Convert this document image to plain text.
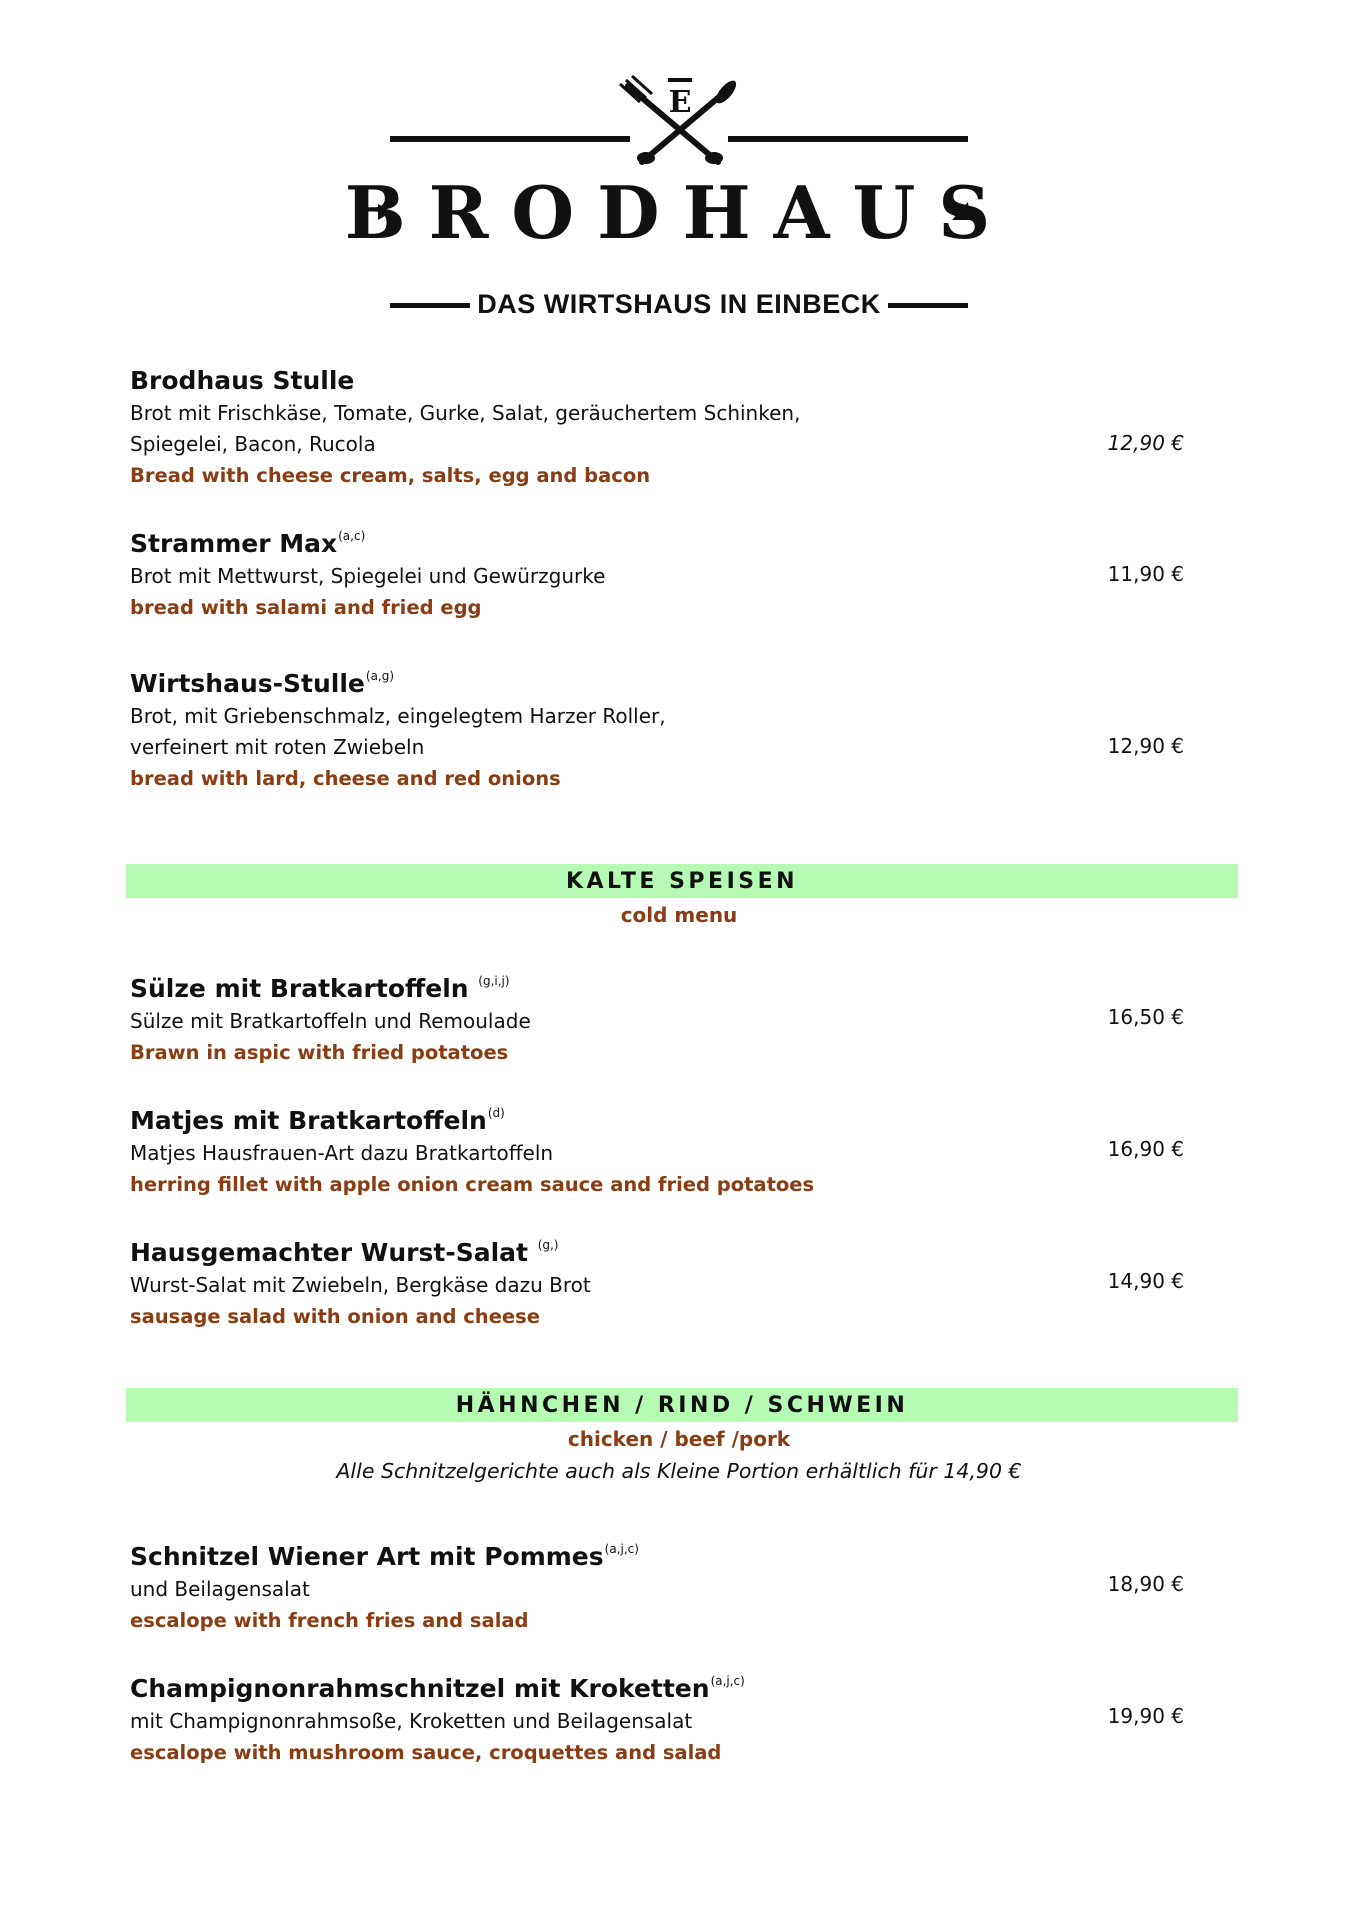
E
BRODHAUS
DAS WIRTSHAUS IN EINBECK
Brodhaus Stulle
Brot mit Frischkäse, Tomate, Gurke, Salat, geräuchertem Schinken,
Spiegelei, Bacon, Rucola
Bread with cheese cream, salts, egg and bacon
12,90 €
Strammer Max$^{(a,c)}$
Brot mit Mettwurst, Spiegelei und Gewürzgurke
bread with salami and fried egg
11,90 €
Wirtshaus-Stulle$^{(a,g)}$
Brot, mit Griebenschmalz, eingelegtem Harzer Roller,
verfeinert mit roten Zwiebeln
bread with lard, cheese and red onions
12,90 €
KALTE SPEISEN
cold menu
Sülze mit Bratkartoffeln $^{(g,i,j)}$
Sülze mit Bratkartoffeln und Remoulade
Brawn in aspic with fried potatoes
16,50 €
Matjes mit Bratkartoffeln$^{(d)}$
Matjes Hausfrauen-Art dazu Bratkartoffeln
herring fillet with apple onion cream sauce and fried potatoes
16,90 €
Hausgemachter Wurst-Salat $^{(g,)}$
Wurst-Salat mit Zwiebeln, Bergkäse dazu Brot
sausage salad with onion and cheese
14,90 €
HÄHNCHEN / RIND / SCHWEIN
chicken / beef /pork
Alle Schnitzelgerichte auch als Kleine Portion erhältlich für 14,90 €
Schnitzel Wiener Art mit Pommes$^{(a,j,c)}$
und Beilagensalat
escalope with french fries and salad
18,90 €
Champignonrahmschnitzel mit Kroketten$^{(a,j,c)}$
mit Champignonrahmsoße, Kroketten und Beilagensalat
escalope with mushroom sauce, croquettes and salad
19,90 €
